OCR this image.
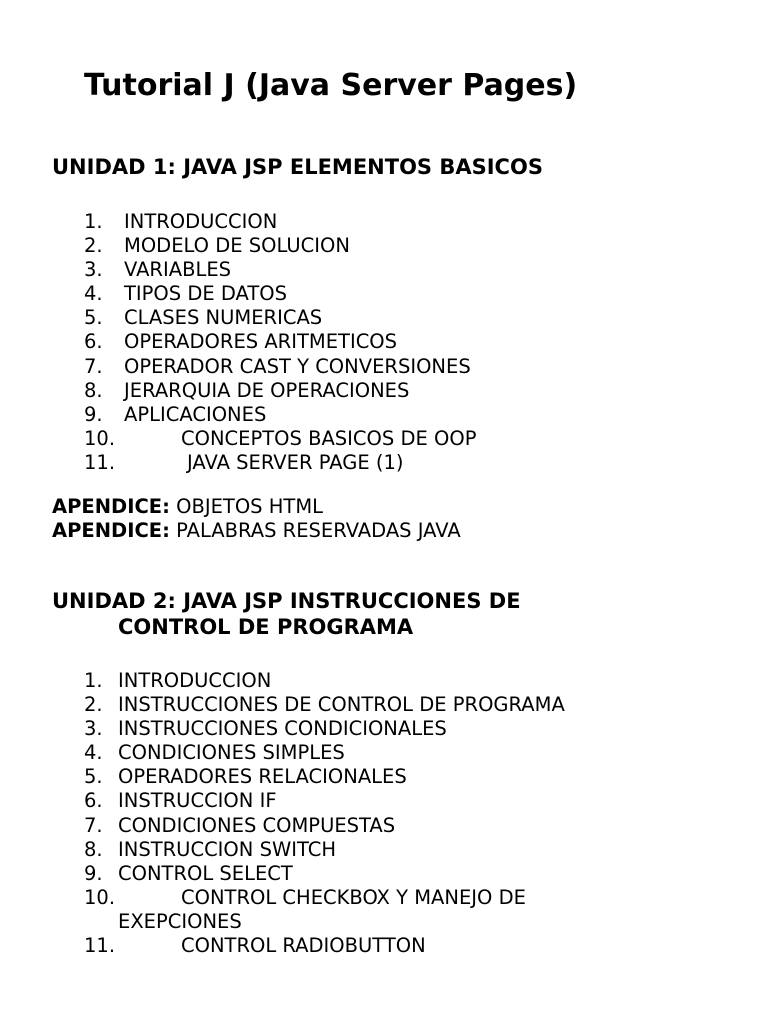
Tutorial J (Java Server Pages)
UNIDAD 1: JAVA JSP ELEMENTOS BASICOS
1. INTRODUCCION
2. MODELO DE SOLUCION
3. VARIABLES
4. TIPOS DE DATOS
5. CLASES NUMERICAS
6. OPERADORES ARITMETICOS
7. OPERADOR CAST Y CONVERSIONES
8. JERARQUIA DE OPERACIONES
9. APLICACIONES
10.	CONCEPTOS BASICOS DE OOP
11.	JAVA SERVER PAGE (1)
APENDICE: OBJETOS HTML
APENDICE: PALABRAS RESERVADAS JAVA
UNIDAD 2: JAVA JSP INSTRUCCIONES DE
CONTROL DE PROGRAMA
1. INTRODUCCION
2. INSTRUCCIONES DE CONTROL DE PROGRAMA
3. INSTRUCCIONES CONDICIONALES
4. CONDICIONES SIMPLES
5. OPERADORES RELACIONALES
6. INSTRUCCION IF
7. CONDICIONES COMPUESTAS
8. INSTRUCCION SWITCH
9. CONTROL SELECT
10.	CONTROL CHECKBOX Y MANEJO DE
EXEPCIONES
11.	CONTROL RADIOBUTTON
